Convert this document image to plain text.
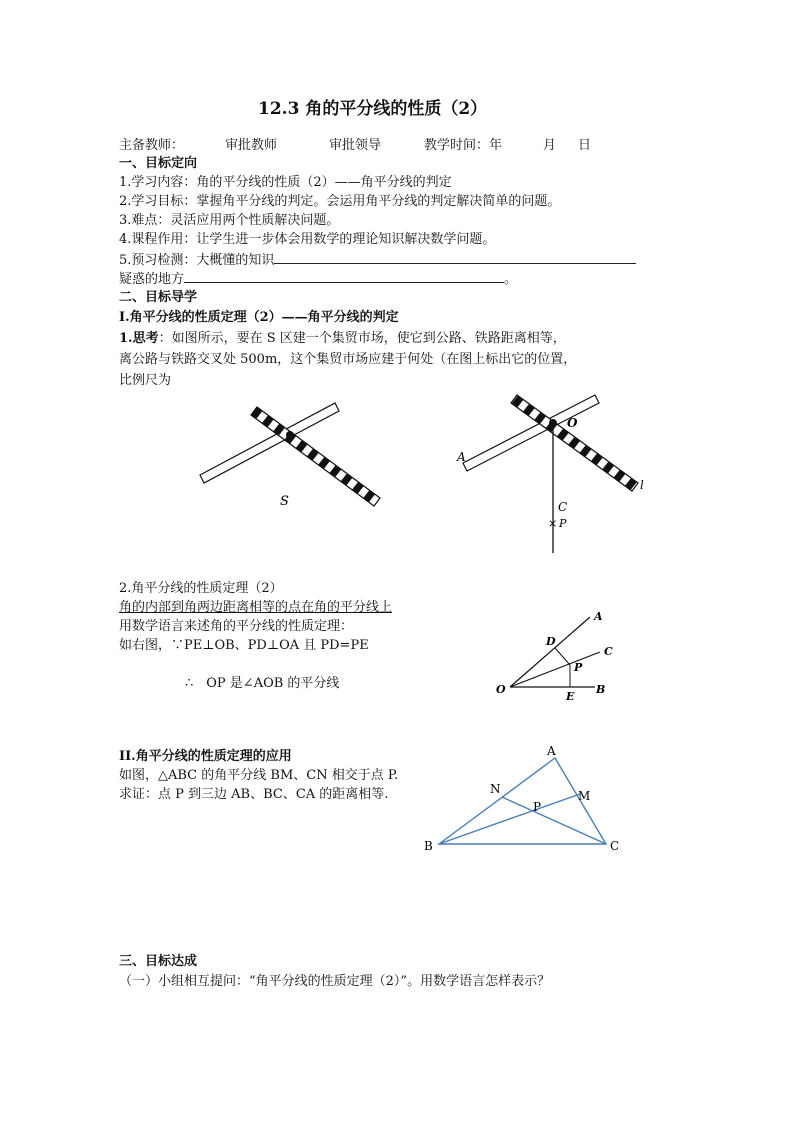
12.3 角的平分线的性质（2）
主备教师：	审批教师	审批领导	教学时间：年	月 日
一、目标定向
1.学习内容：角的平分线的性质（2）——角平分线的判定
2.学习目标：掌握角平分线的判定。会运用角平分线的判定解决简单的问题。
3.难点：灵活应用两个性质解决问题。
4.课程作用：让学生进一步体会用数学的理论知识解决数学问题。
5.预习检测：大概懂的知识
疑惑的地方	。
二、目标导学
I.角平分线的性质定理（2）——角平分线的判定
1.思考：如图所示，要在 S 区建一个集贸市场，使它到公路、铁路距离相等，
离公路与铁路交叉处 500m，这个集贸市场应建于何处（在图上标出它的位置，
比例尺为
S
A
O
l
C
× P
2.角平分线的性质定理（2）
角的内部到角两边距离相等的点在角的平分线上
用数学语言来述角的平分线的性质定理：
如右图，∵PE⊥OB、PD⊥OA 且 PD=PE
∴　OP 是∠AOB 的平分线
A
C
D
P
O
E
B
II.角平分线的性质定理的应用
如图，△ABC 的角平分线 BM、CN 相交于点 P.
求证：点 P 到三边 AB、BC、CA 的距离相等.
A
N	M
P
B	C
三、目标达成
（一）小组相互提问：“角平分线的性质定理（2）”。用数学语言怎样表示？
